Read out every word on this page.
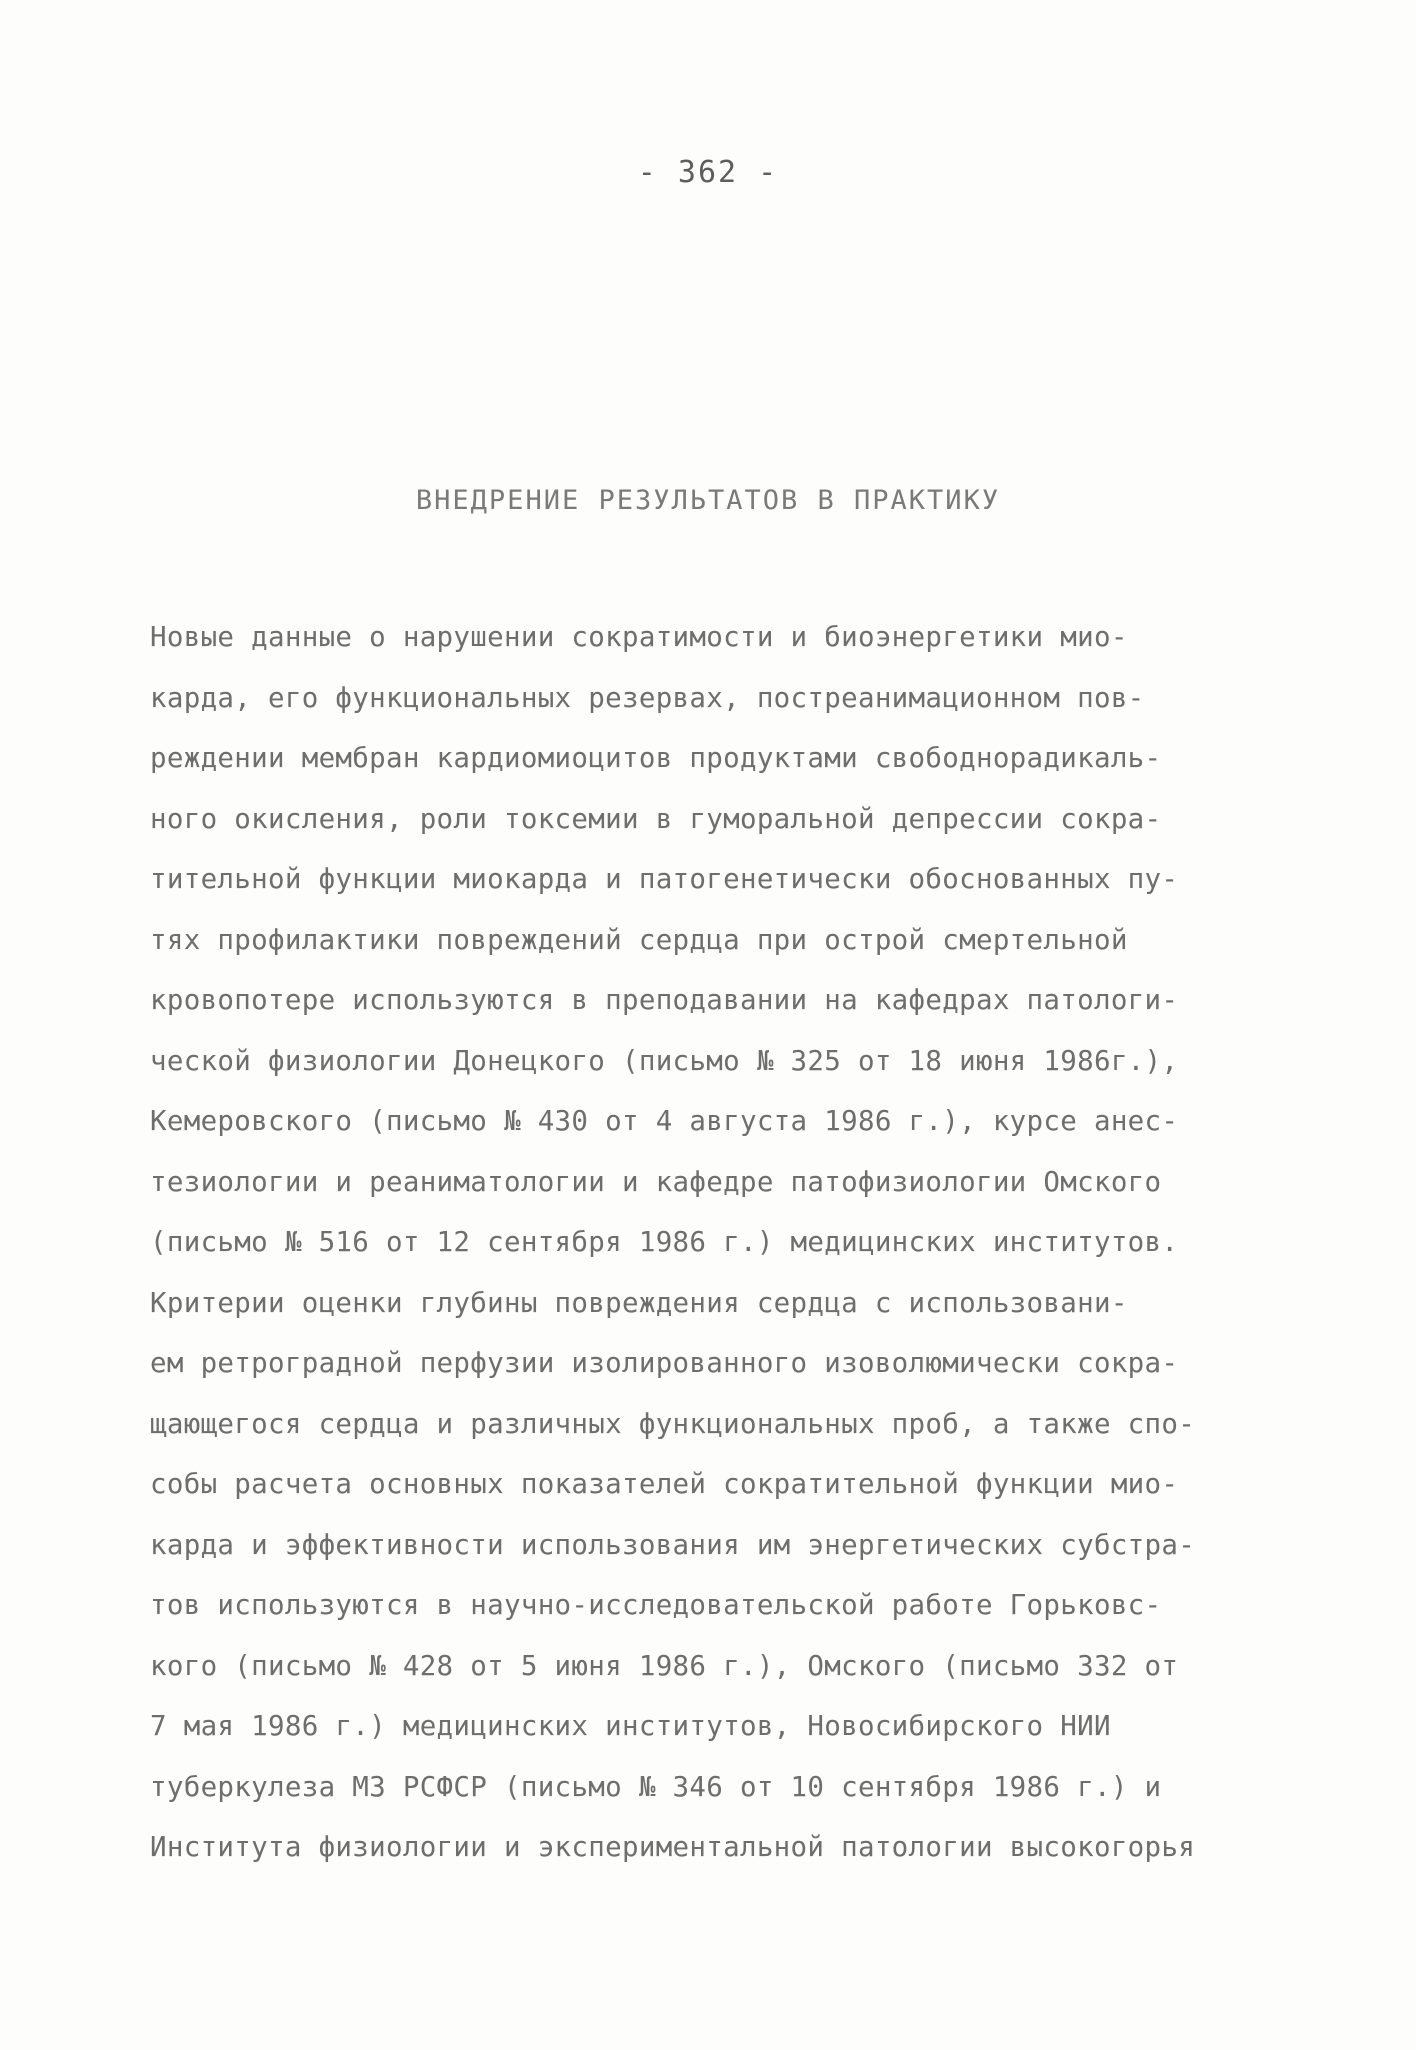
- 362 -
ВНЕДРЕНИЕ РЕЗУЛЬТАТОВ В ПРАКТИКУ
Новые данные о нарушении сократимости и биоэнергетики мио-
карда, его функциональных резервах, постреанимационном пов-
реждении мембран кардиомиоцитов продуктами свободнорадикаль-
ного окисления, роли токсемии в гуморальной депрессии сокра-
тительной функции миокарда и патогенетически обоснованных пу-
тях профилактики повреждений сердца при острой смертельной
кровопотере используются в преподавании на кафедрах патологи-
ческой физиологии Донецкого (письмо № 325 от 18 июня 1986г.),
Кемеровского (письмо № 430 от 4 августа 1986 г.), курсе анес-
тезиологии и реаниматологии и кафедре патофизиологии Омского
(письмо № 516 от 12 сентября 1986 г.) медицинских институтов.
Критерии оценки глубины повреждения сердца с использовани-
ем ретроградной перфузии изолированного изоволюмически сокра-
щающегося сердца и различных функциональных проб, а также спо-
собы расчета основных показателей сократительной функции мио-
карда и эффективности использования им энергетических субстра-
тов используются в научно-исследовательской работе Горьковс-
кого (письмо № 428 от 5 июня 1986 г.), Омского (письмо 332 от
7 мая 1986 г.) медицинских институтов, Новосибирского НИИ
туберкулеза МЗ РСФСР (письмо № 346 от 10 сентября 1986 г.) и
Института физиологии и экспериментальной патологии высокогорья
